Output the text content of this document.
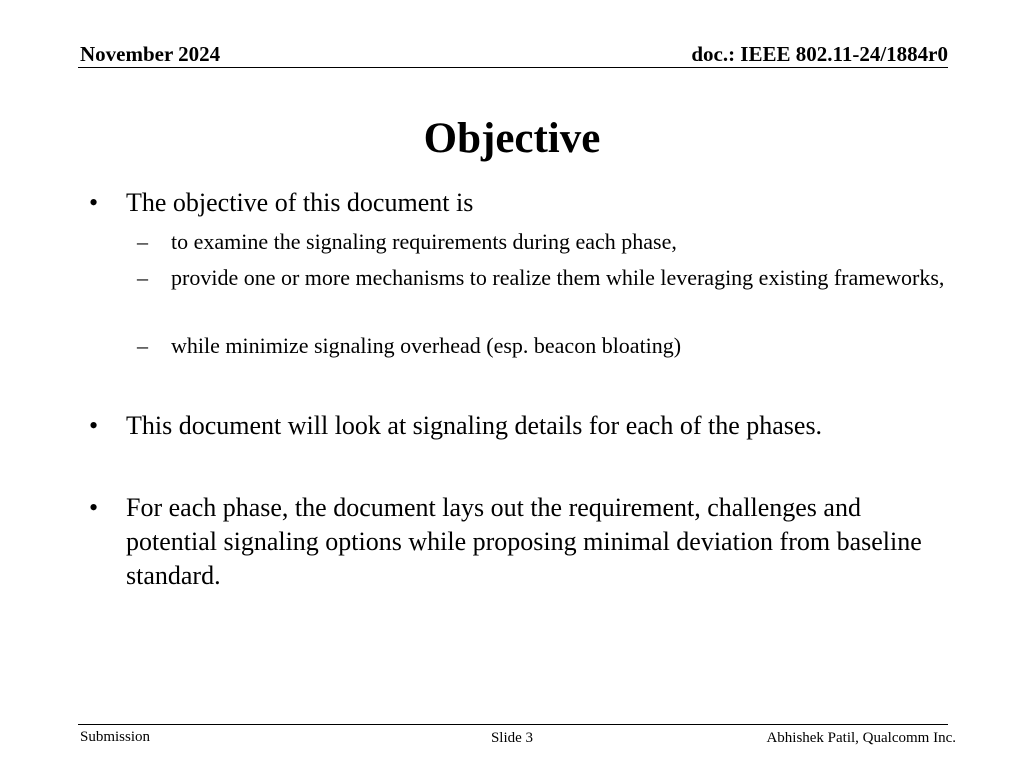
November 2024	doc.: IEEE 802.11-24/1884r0
Objective
• The objective of this document is
– to examine the signaling requirements during each phase,
– provide one or more mechanisms to realize them while leveraging existing frameworks,
– while minimize signaling overhead (esp. beacon bloating)
• This document will look at signaling details for each of the phases.
• For each phase, the document lays out the requirement, challenges and potential signaling options while proposing minimal deviation from baseline standard.
Submission	Slide 3	Abhishek Patil, Qualcomm Inc.
